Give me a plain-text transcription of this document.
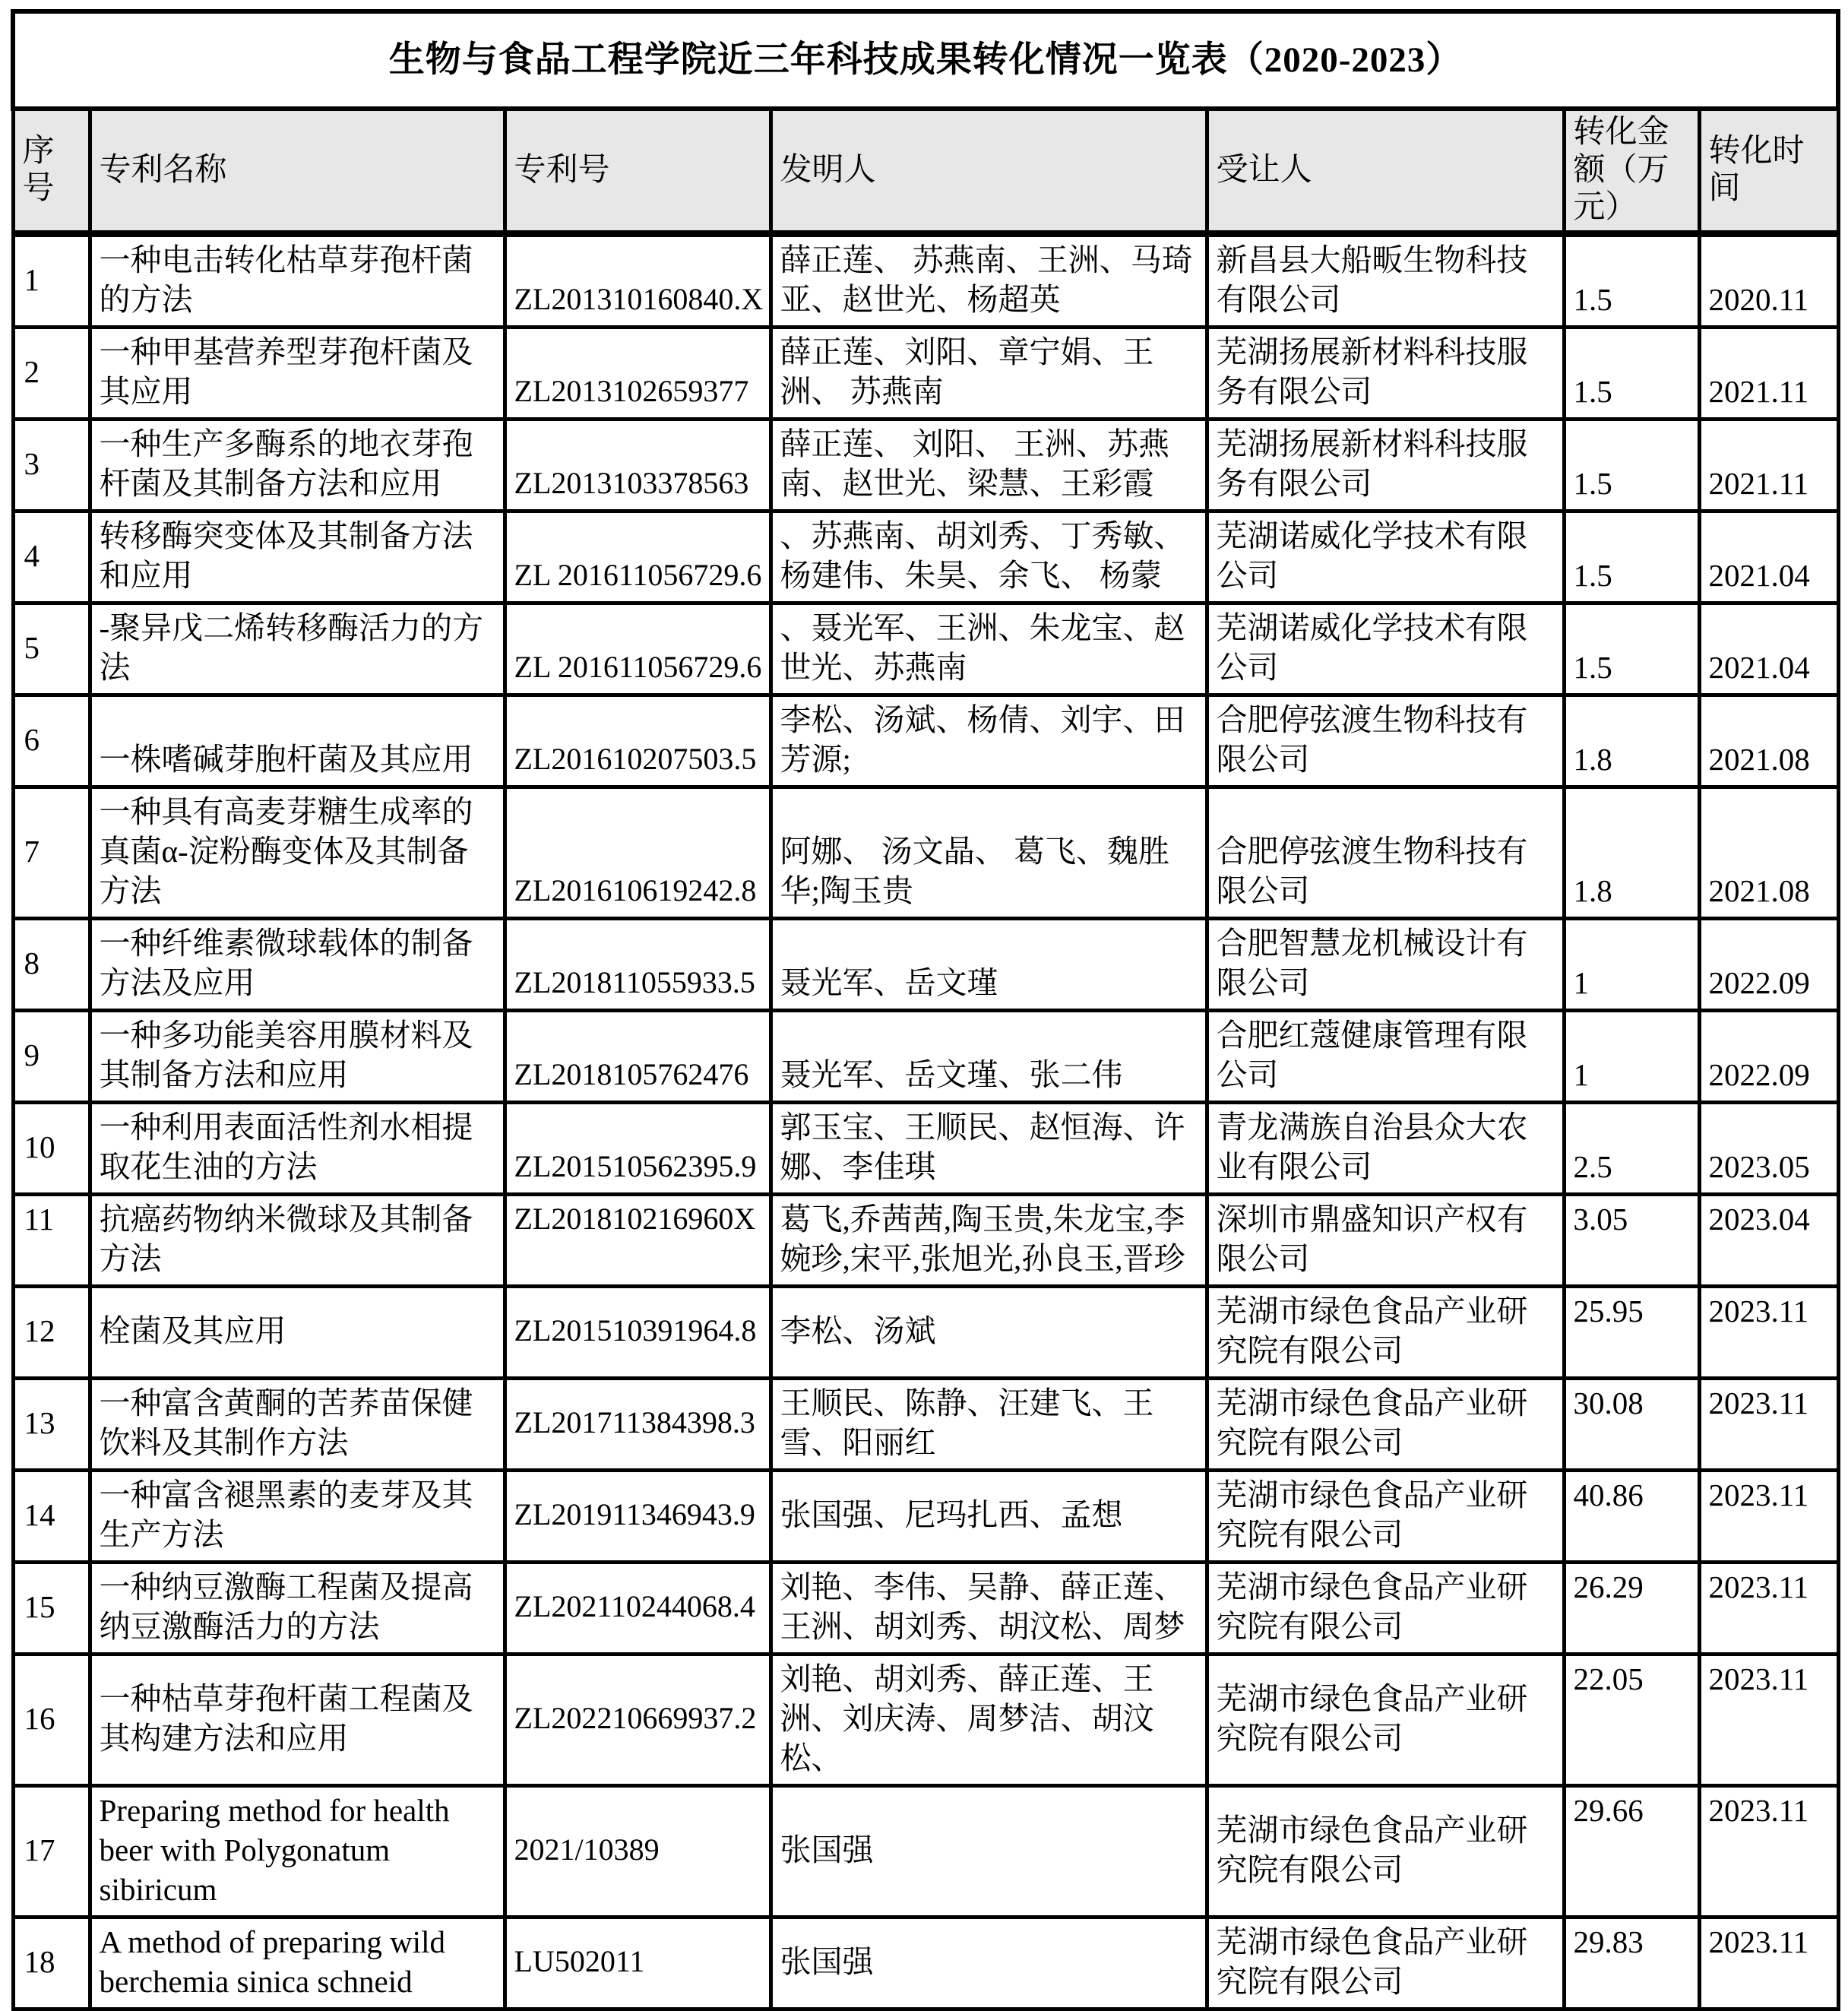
生物与食品工程学院近三年科技成果转化情况一览表（2020-2023）						
序号	专利名称	专利号	发明人	受让人	转化金额（万元）	转化时间
1	一种电击转化枯草芽孢杆菌的方法	ZL201310160840.X	薛正莲、 苏燕南、王洲、马琦亚、赵世光、杨超英	新昌县大船畈生物科技有限公司	1.5	2020.11
2	一种甲基营养型芽孢杆菌及其应用	ZL2013102659377	薛正莲、刘阳、章宁娟、王洲、 苏燕南	芜湖扬展新材料科技服务有限公司	1.5	2021.11
3	一种生产多酶系的地衣芽孢杆菌及其制备方法和应用	ZL2013103378563	薛正莲、 刘阳、 王洲、苏燕南、赵世光、梁慧、王彩霞	芜湖扬展新材料科技服务有限公司	1.5	2021.11
4	转移酶突变体及其制备方法和应用	ZL 201611056729.6	、苏燕南、胡刘秀、丁秀敏、杨建伟、朱昊、余飞、 杨蒙	芜湖诺威化学技术有限公司	1.5	2021.04
5	-聚异戊二烯转移酶活力的方法	ZL 201611056729.6	、聂光军、王洲、朱龙宝、赵世光、苏燕南	芜湖诺威化学技术有限公司	1.5	2021.04
6	一株嗜碱芽胞杆菌及其应用	ZL201610207503.5	李松、汤斌、杨倩、刘宇、田芳源;	合肥停弦渡生物科技有限公司	1.8	2021.08
7	一种具有高麦芽糖生成率的真菌α-淀粉酶变体及其制备方法	ZL201610619242.8	阿娜、 汤文晶、 葛飞、魏胜华;陶玉贵	合肥停弦渡生物科技有限公司	1.8	2021.08
8	一种纤维素微球载体的制备方法及应用	ZL201811055933.5	聂光军、岳文瑾	合肥智慧龙机械设计有限公司	1	2022.09
9	一种多功能美容用膜材料及其制备方法和应用	ZL2018105762476	聂光军、岳文瑾、张二伟	合肥红蔻健康管理有限公司	1	2022.09
10	一种利用表面活性剂水相提取花生油的方法	ZL201510562395.9	郭玉宝、王顺民、赵恒海、许娜、李佳琪	青龙满族自治县众大农业有限公司	2.5	2023.05
11	抗癌药物纳米微球及其制备方法	ZL201810216960X	葛飞,乔茜茜,陶玉贵,朱龙宝,李婉珍,宋平,张旭光,孙良玉,晋珍	深圳市鼎盛知识产权有限公司	3.05	2023.04
12	栓菌及其应用	ZL201510391964.8	李松、汤斌	芜湖市绿色食品产业研究院有限公司	25.95	2023.11
13	一种富含黄酮的苦荞苗保健饮料及其制作方法	ZL201711384398.3	王顺民、陈静、汪建飞、王雪、阳丽红	芜湖市绿色食品产业研究院有限公司	30.08	2023.11
14	一种富含褪黑素的麦芽及其生产方法	ZL201911346943.9	张国强、尼玛扎西、孟想	芜湖市绿色食品产业研究院有限公司	40.86	2023.11
15	一种纳豆激酶工程菌及提高纳豆激酶活力的方法	ZL202110244068.4	刘艳、李伟、吴静、薛正莲、王洲、胡刘秀、胡汶松、周梦	芜湖市绿色食品产业研究院有限公司	26.29	2023.11
16	一种枯草芽孢杆菌工程菌及其构建方法和应用	ZL202210669937.2	刘艳、胡刘秀、薛正莲、王洲、刘庆涛、周梦洁、胡汶松、	芜湖市绿色食品产业研究院有限公司	22.05	2023.11
17	Preparing method for health beer with Polygonatum sibiricum	2021/10389	张国强	芜湖市绿色食品产业研究院有限公司	29.66	2023.11
18	A method of preparing wild berchemia sinica schneid	LU502011	张国强	芜湖市绿色食品产业研究院有限公司	29.83	2023.11
